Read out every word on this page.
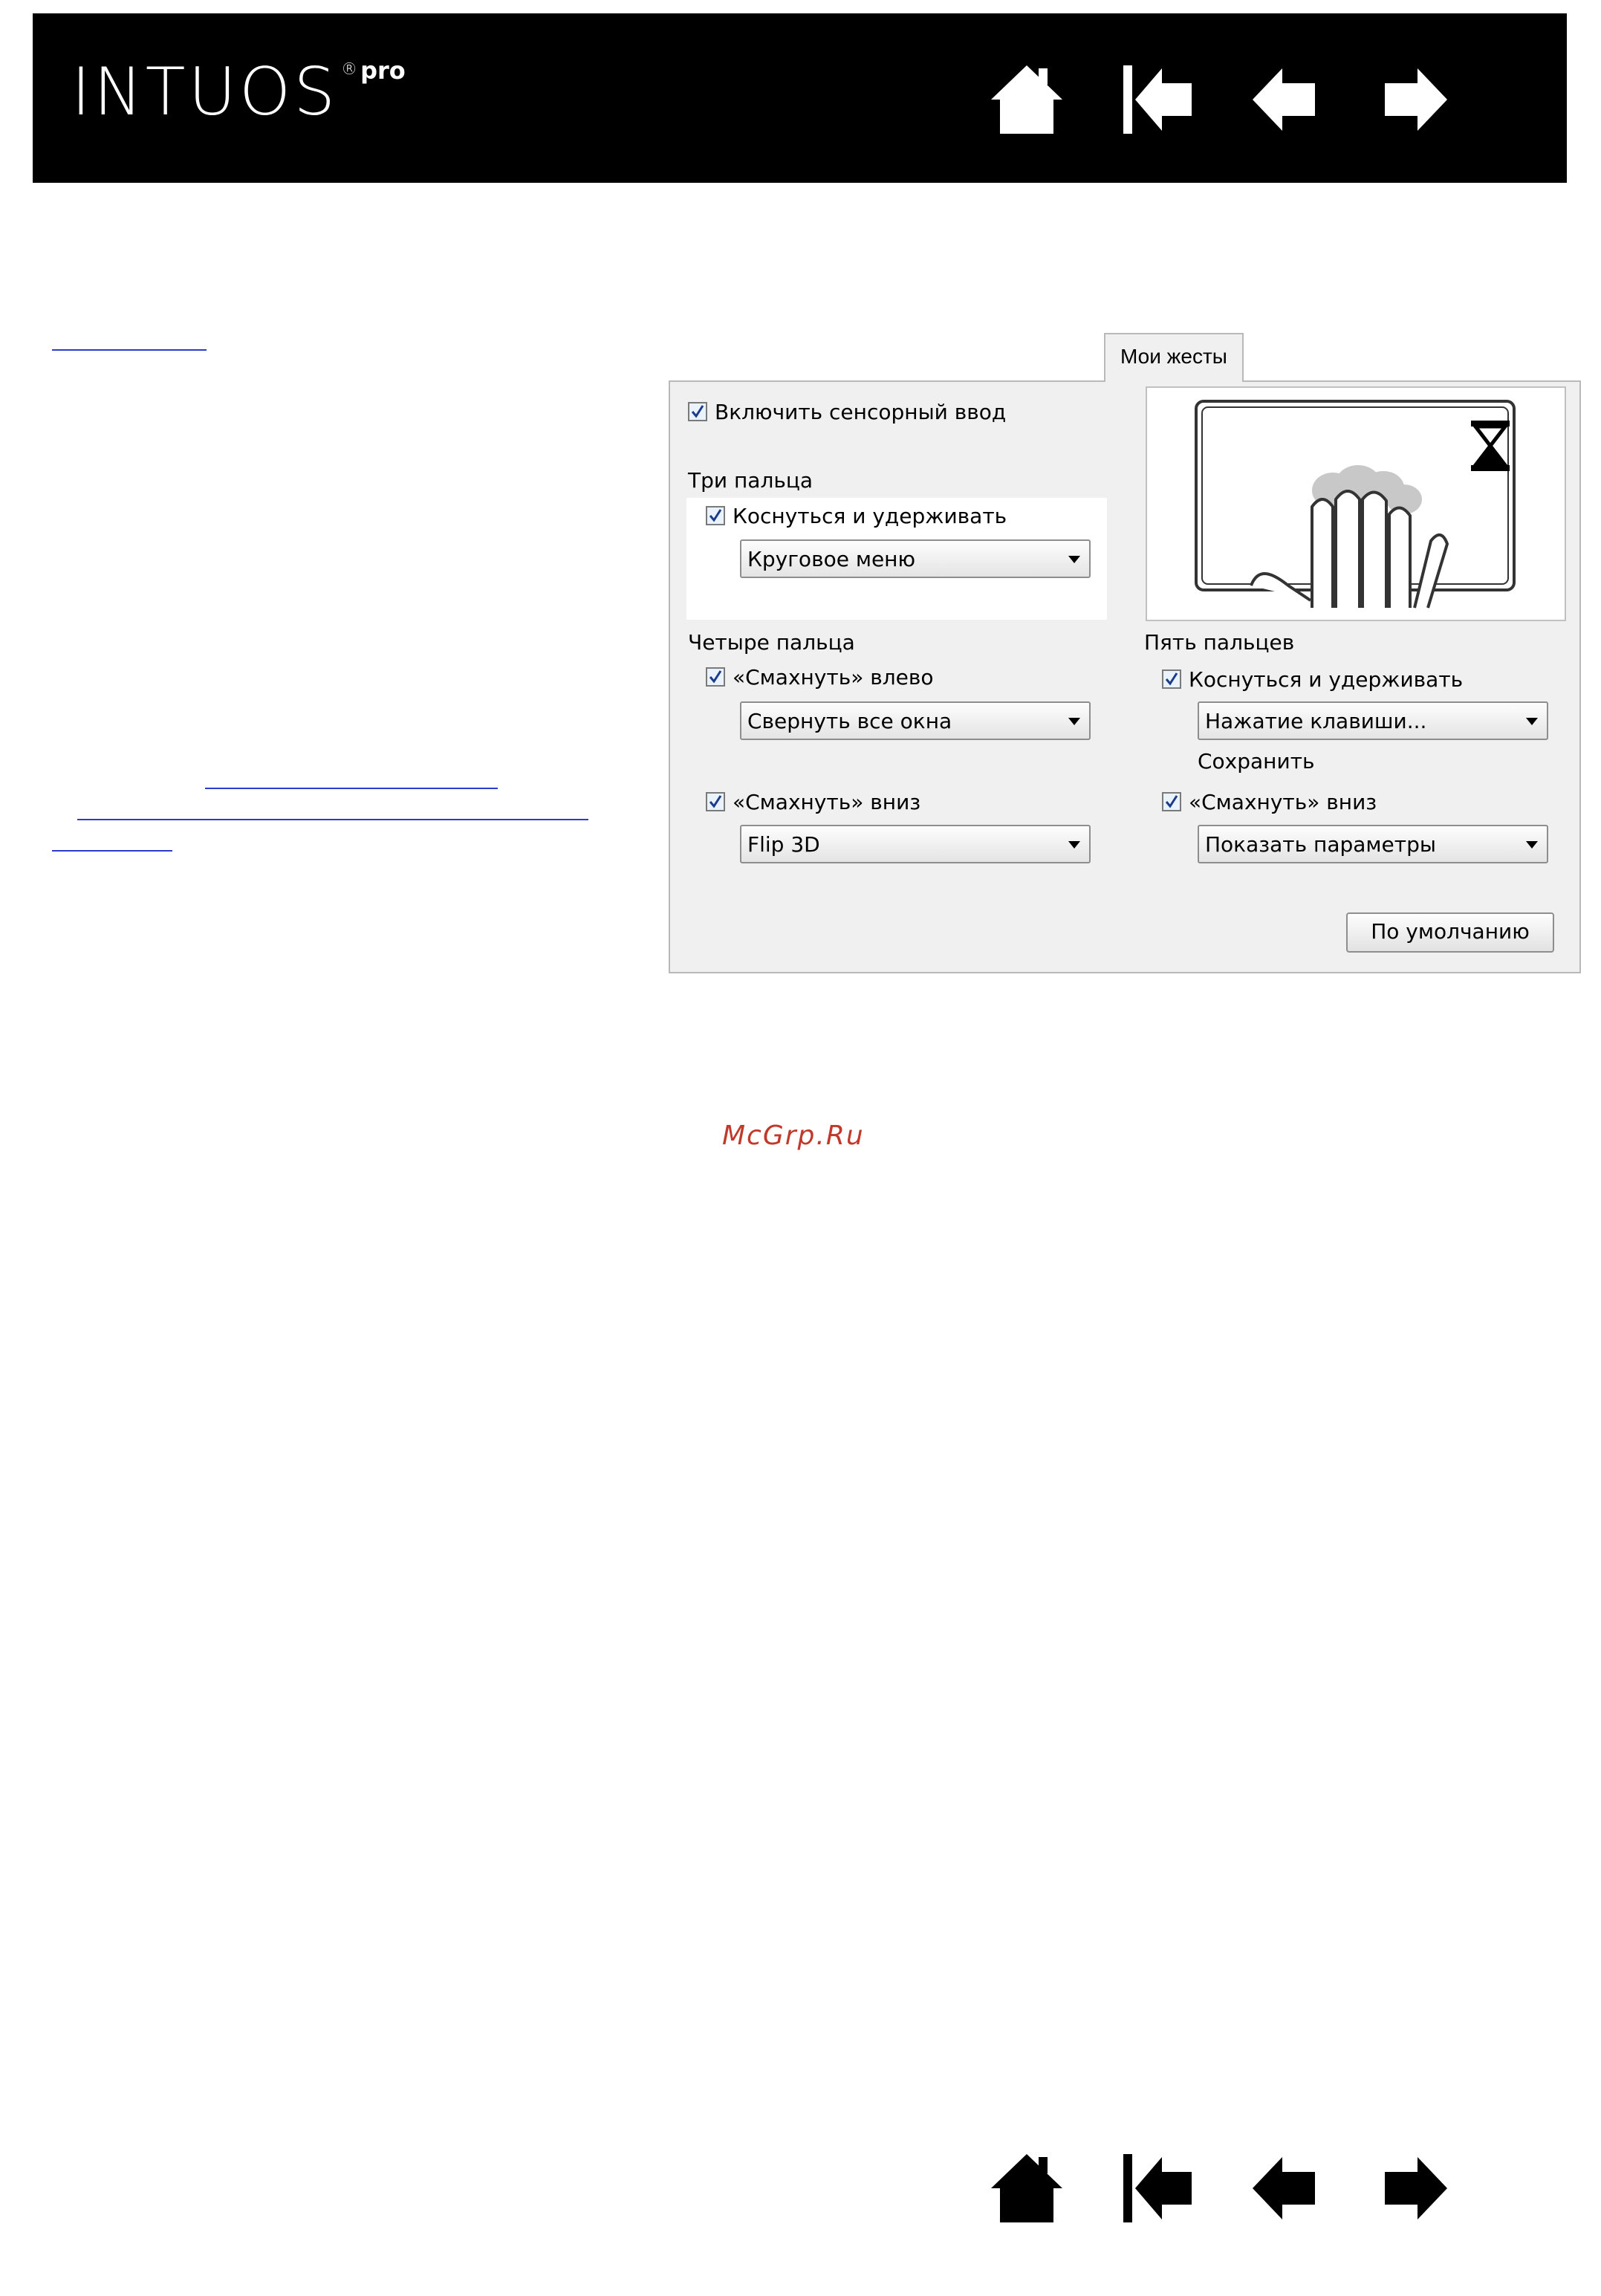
INTUOS $^{®pro}$
Мои жесты
Включить сенсорный ввод
Три пальца
Коснуться и удерживать
Круговое меню
Четыре пальца
«Смахнуть» влево
Свернуть все окна
«Смахнуть» вниз
Flip 3D
Пять пальцев
Коснуться и удерживать
Нажатие клавиши...
Сохранить
«Смахнуть» вниз
Показать параметры
По умолчанию
McGrp.Ru
